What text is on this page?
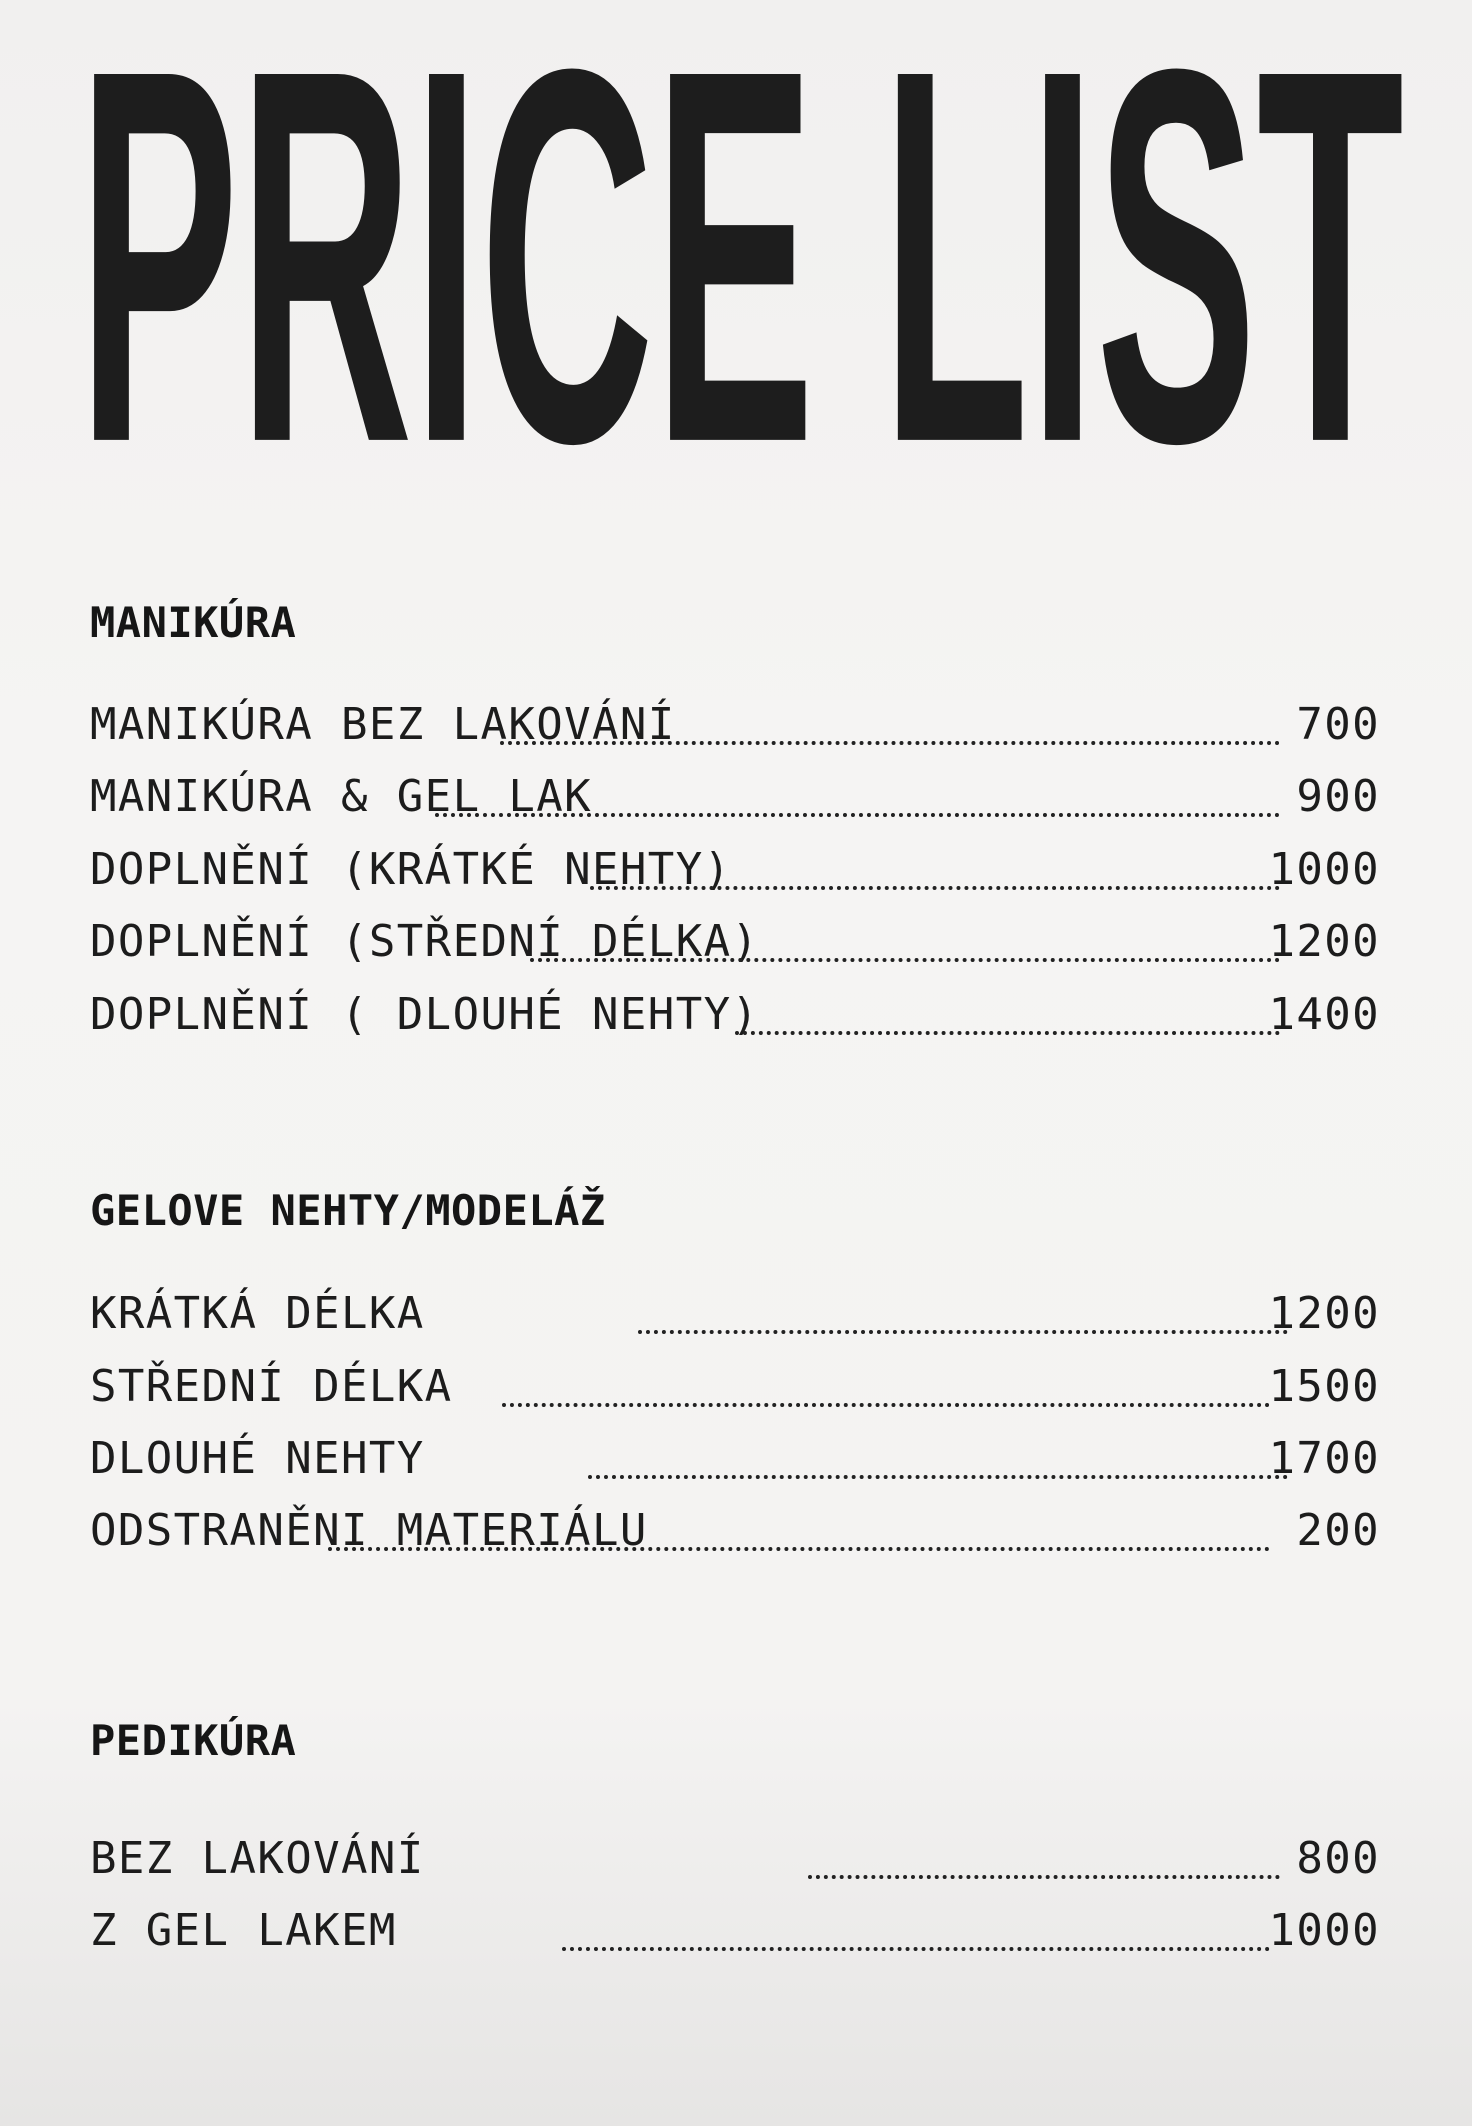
PRICE LIST
MANIKÚRA
MANIKÚRA BEZ LAKOVÁNÍ	700
MANIKÚRA & GEL LAK	900
DOPLNĚNÍ (KRÁTKÉ NEHTY)	1000
DOPLNĚNÍ (STŘEDNÍ DÉLKA)	1200
DOPLNĚNÍ ( DLOUHÉ NEHTY)	1400
GELOVE NEHTY/MODELÁŽ
KRÁTKÁ DÉLKA	1200
STŘEDNÍ DÉLKA	1500
DLOUHÉ NEHTY	1700
ODSTRANĚNI MATERIÁLU	200
PEDIKÚRA
BEZ LAKOVÁNÍ	800
Z GEL LAKEM	1000
